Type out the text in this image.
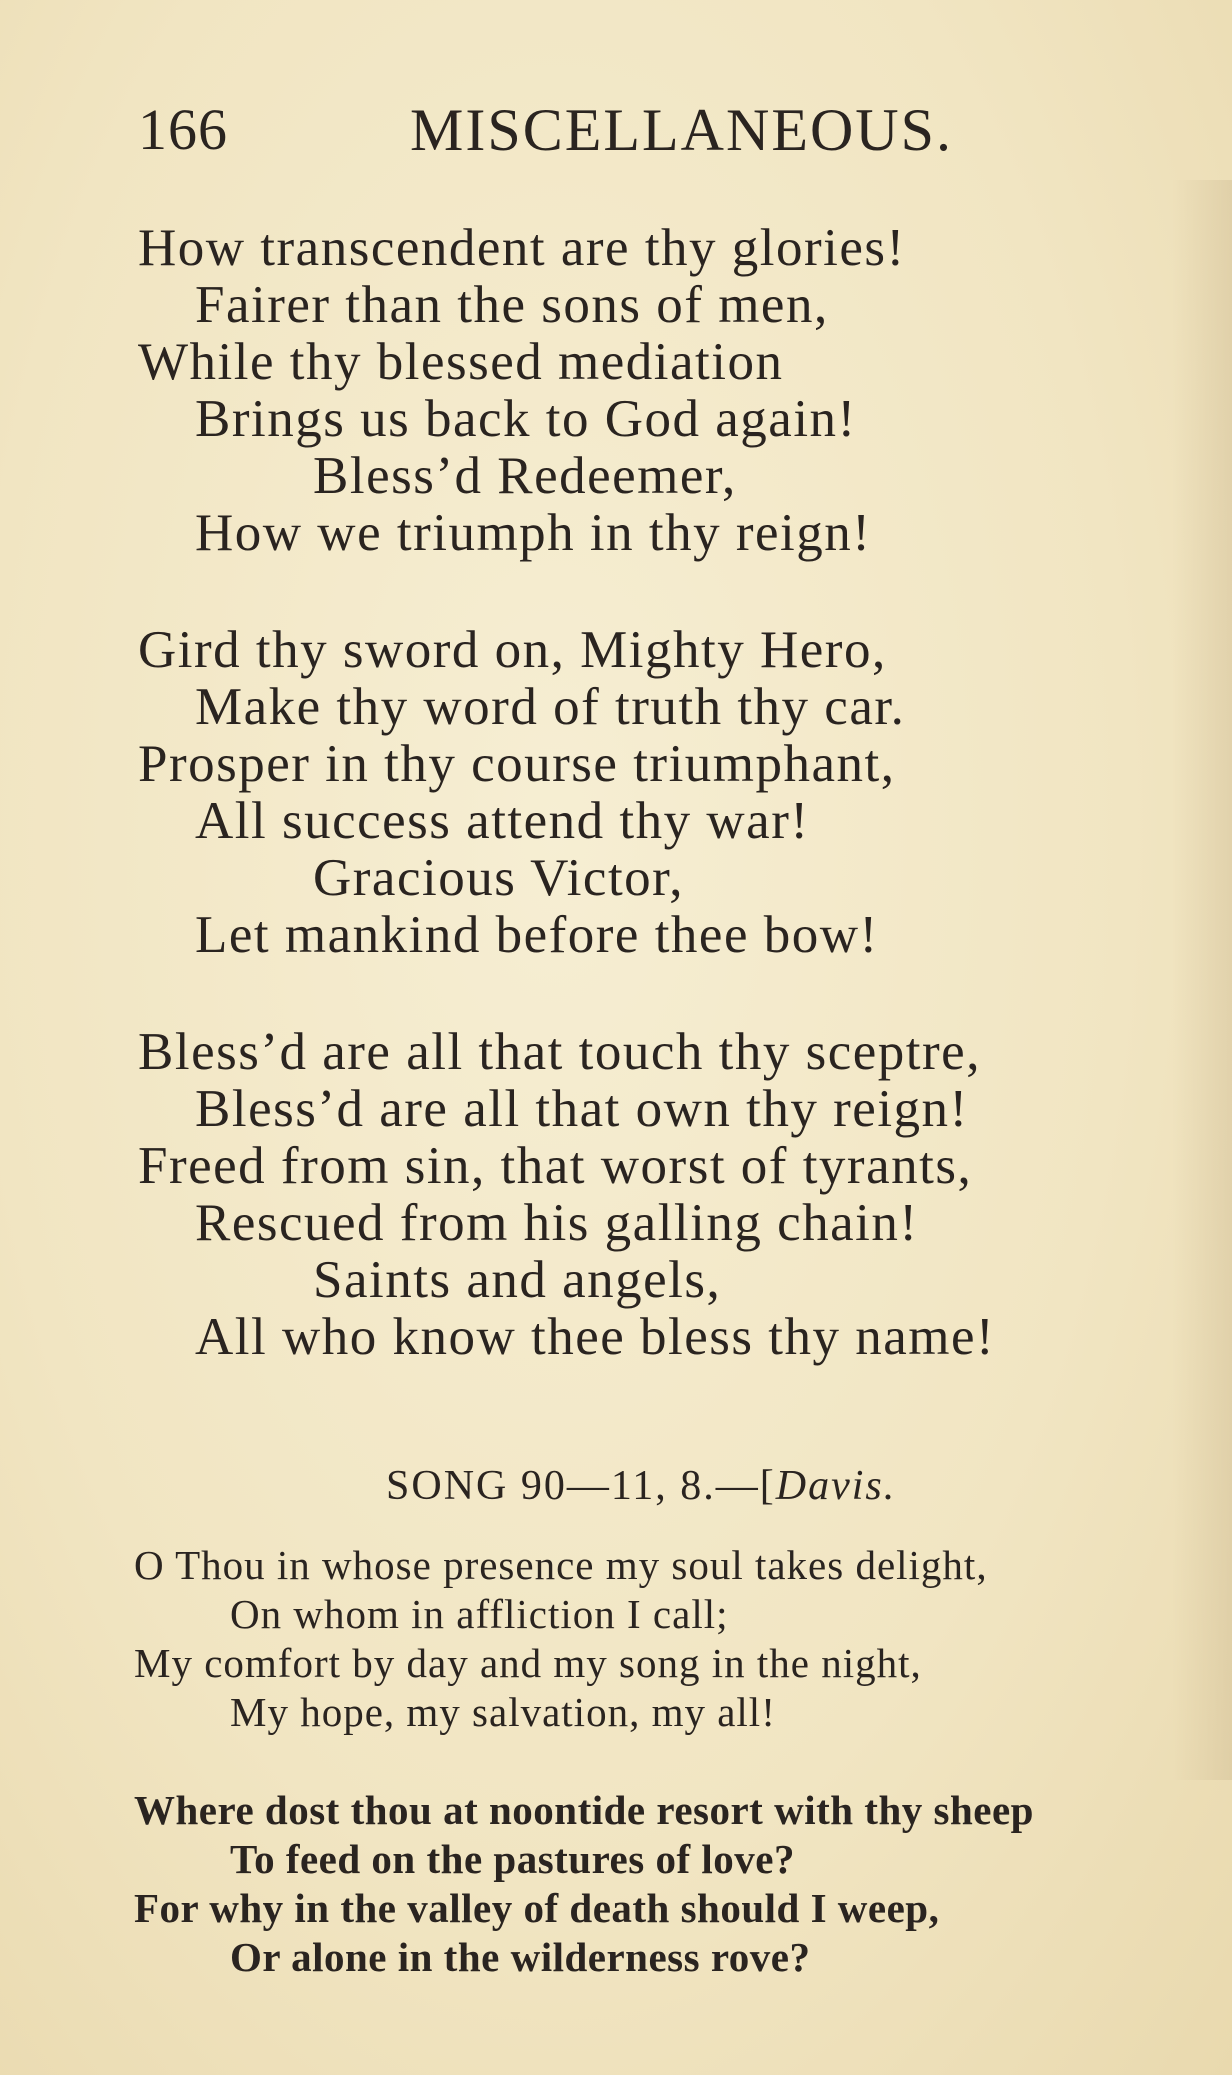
166	MISCELLANEOUS.
How transcendent are thy glories!
Fairer than the sons of men,
While thy blessed mediation
Brings us back to God again!
Bless’d Redeemer,
How we triumph in thy reign!
Gird thy sword on, Mighty Hero,
Make thy word of truth thy car.
Prosper in thy course triumphant,
All success attend thy war!
Gracious Victor,
Let mankind before thee bow!
Bless’d are all that touch thy sceptre,
Bless’d are all that own thy reign!
Freed from sin, that worst of tyrants,
Rescued from his galling chain!
Saints and angels,
All who know thee bless thy name!
SONG 90—11, 8.—[Davis.
O Thou in whose presence my soul takes delight,
On whom in affliction I call;
My comfort by day and my song in the night,
My hope, my salvation, my all!
Where dost thou at noontide resort with thy sheep
To feed on the pastures of love?
For why in the valley of death should I weep,
Or alone in the wilderness rove?
